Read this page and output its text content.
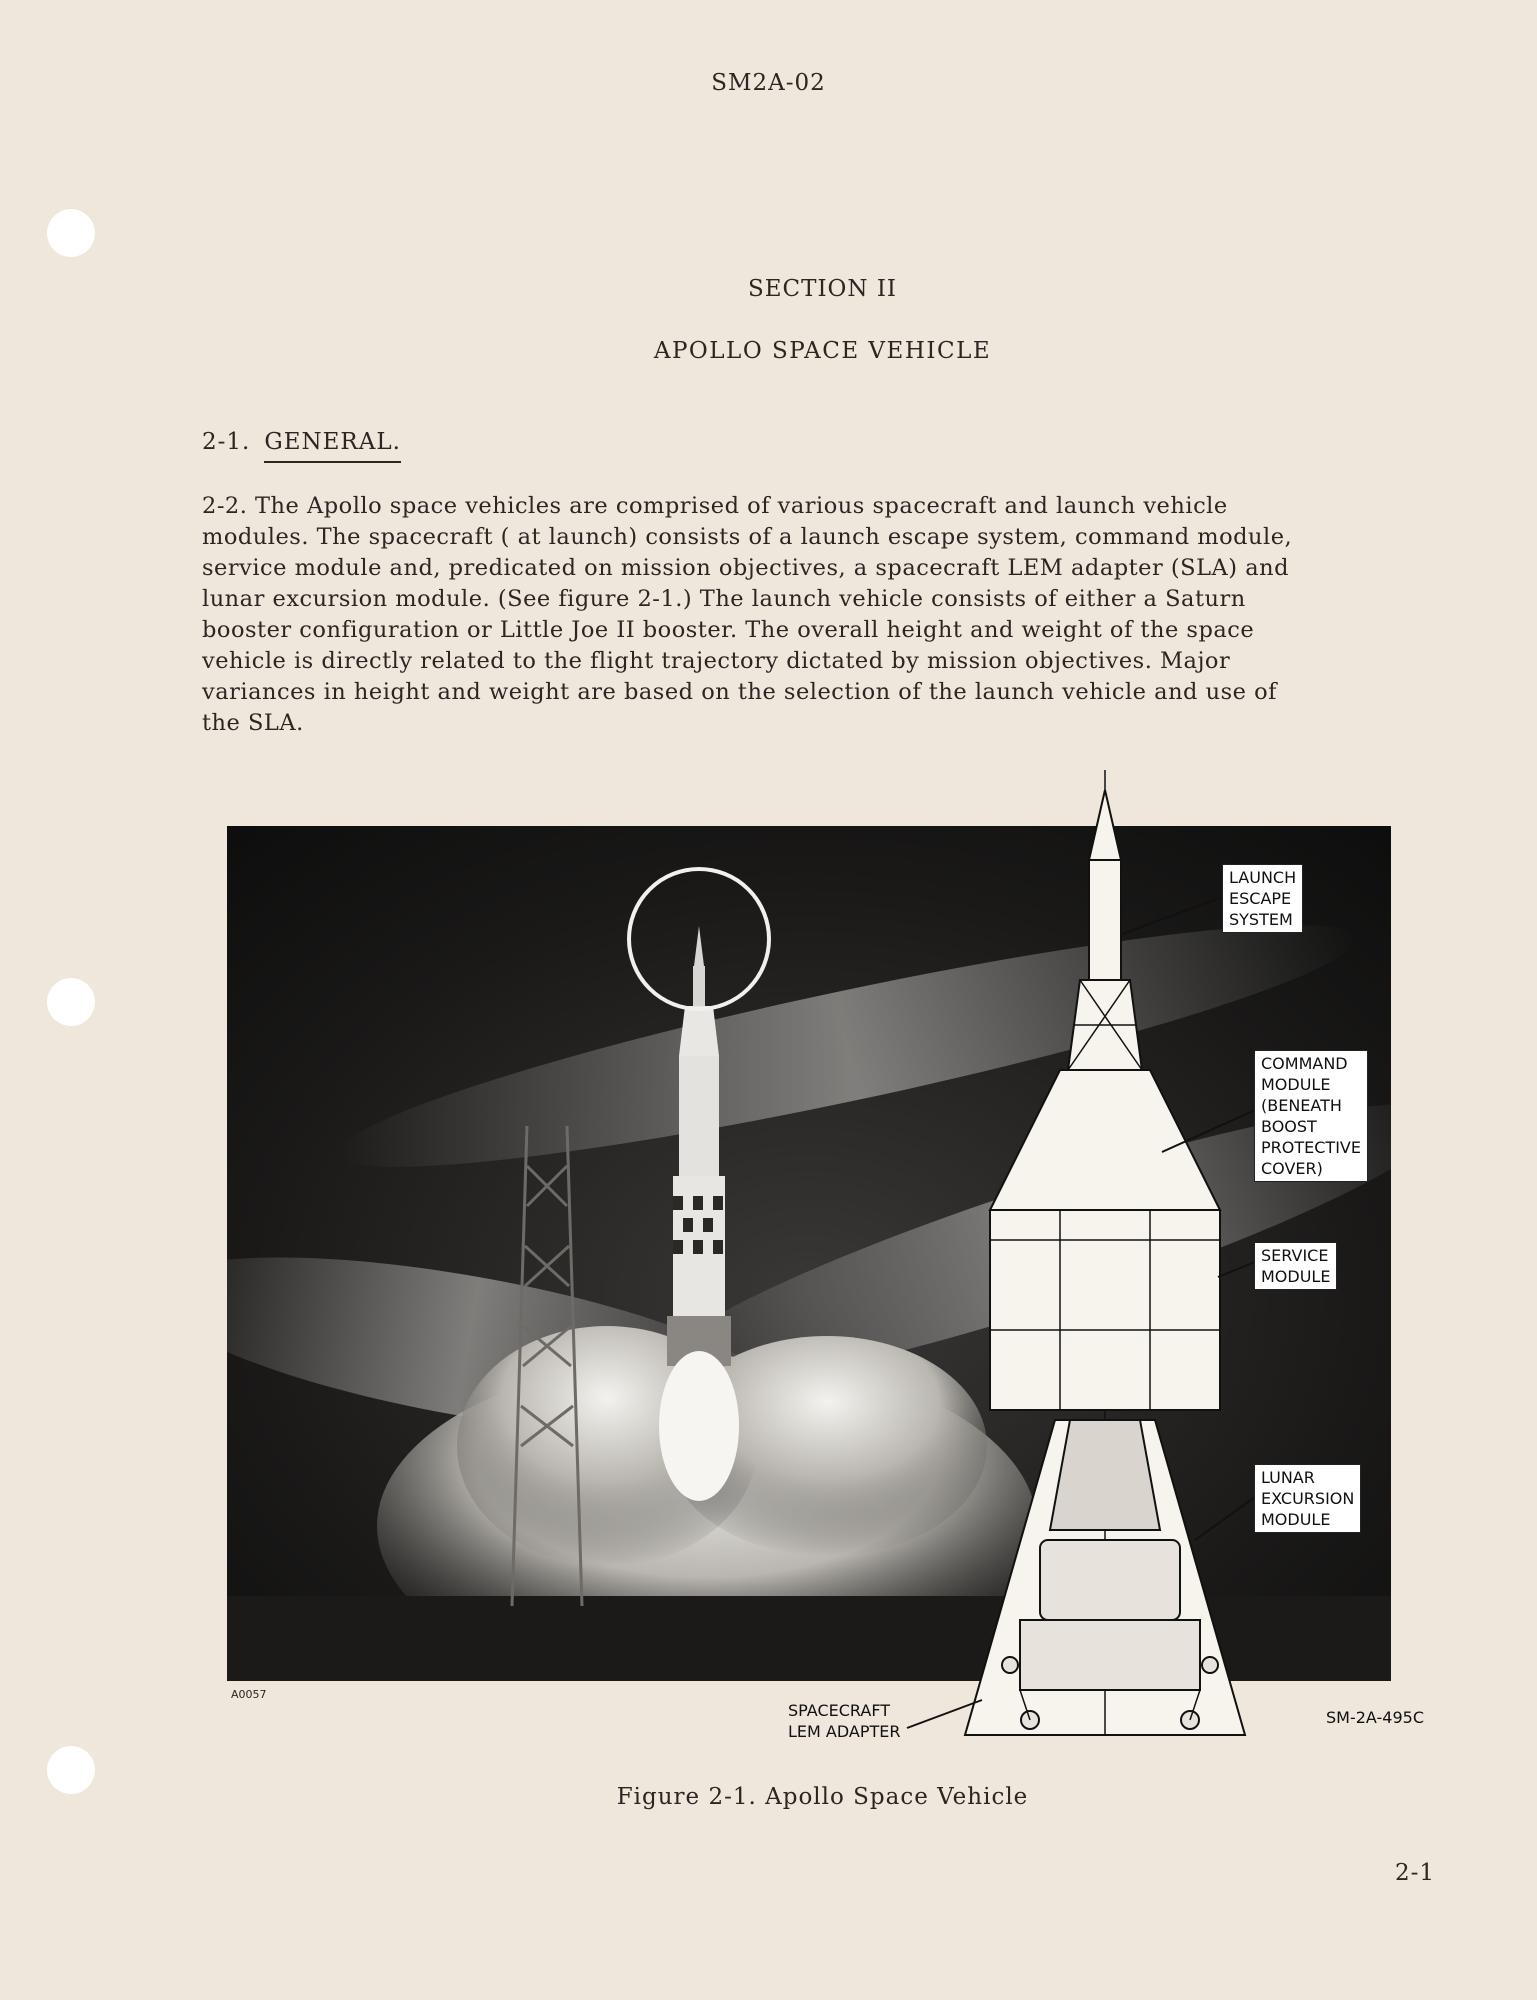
SM2A-02
SECTION II
APOLLO SPACE VEHICLE
2-1. GENERAL.
2-2. The Apollo space vehicles are comprised of various spacecraft and launch vehicle
modules. The spacecraft ( at launch) consists of a launch escape system, command module,
service module and, predicated on mission objectives, a spacecraft LEM adapter (SLA) and
lunar excursion module. (See figure 2-1.) The launch vehicle consists of either a Saturn
booster configuration or Little Joe II booster. The overall height and weight of the space
vehicle is directly related to the flight trajectory dictated by mission objectives. Major
variances in height and weight are based on the selection of the launch vehicle and use of
the SLA.
A0057
LAUNCH
ESCAPE
SYSTEM
COMMAND
MODULE
(BENEATH
BOOST
PROTECTIVE
COVER)
SERVICE
MODULE
LUNAR
EXCURSION
MODULE
SPACECRAFT
LEM ADAPTER
SM-2A-495C
Figure 2-1. Apollo Space Vehicle
2-1
